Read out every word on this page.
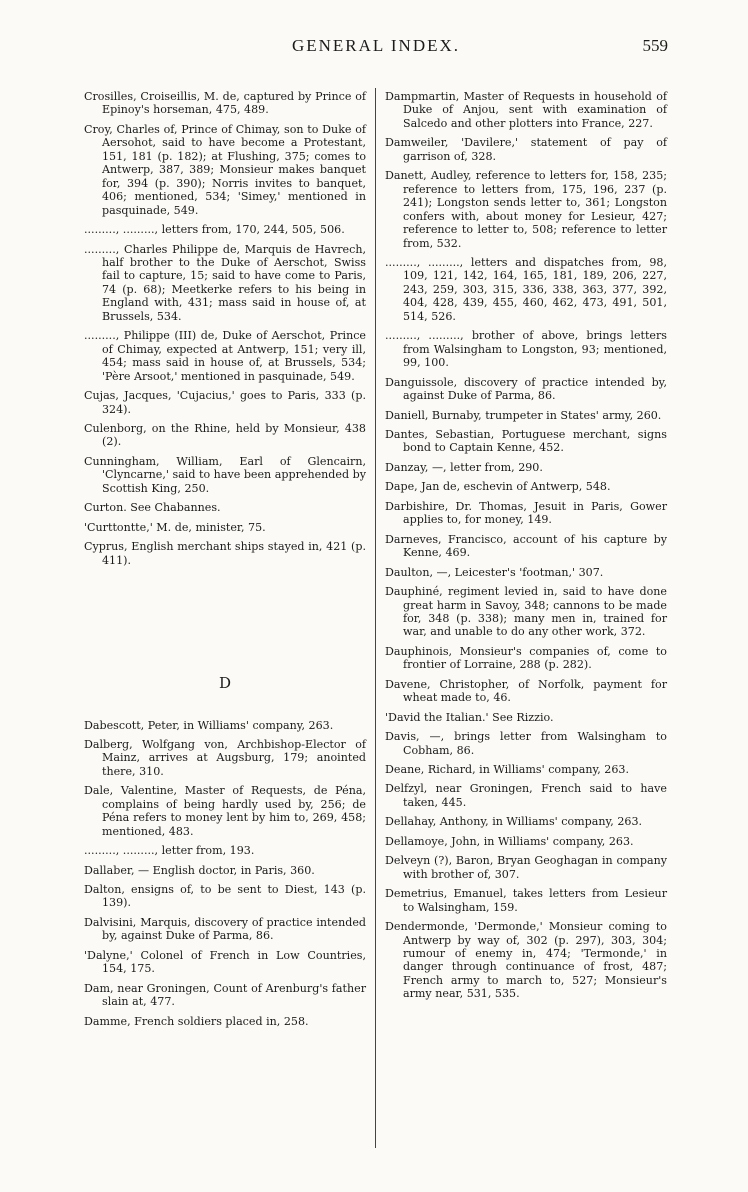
GENERAL INDEX.	559
Crosilles, Croiseillis, M. de, captured by Prince of Epinoy's horseman, 475, 489.
Croy, Charles of, Prince of Chimay, son to Duke of Aersohot, said to have become a Protestant, 151, 181 (p. 182); at Flushing, 375; comes to Antwerp, 387, 389; Monsieur makes banquet for, 394 (p. 390); Norris invites to banquet, 406; mentioned, 534; 'Simey,' mentioned in pasquinade, 549.
........., ........., letters from, 170, 244, 505, 506.
........., Charles Philippe de, Marquis de Havrech, half brother to the Duke of Aerschot, Swiss fail to capture, 15; said to have come to Paris, 74 (p. 68); Meetkerke refers to his being in England with, 431; mass said in house of, at Brussels, 534.
........., Philippe (III) de, Duke of Aerschot, Prince of Chimay, expected at Antwerp, 151; very ill, 454; mass said in house of, at Brussels, 534; 'Père Arsoot,' mentioned in pasquinade, 549.
Cujas, Jacques, 'Cujacius,' goes to Paris, 333 (p. 324).
Culenborg, on the Rhine, held by Monsieur, 438 (2).
Cunningham, William, Earl of Glencairn, 'Clyncarne,' said to have been apprehended by Scottish King, 250.
Curton. See Chabannes.
'Curttontte,' M. de, minister, 75.
Cyprus, English merchant ships stayed in, 421 (p. 411).
D
Dabescott, Peter, in Williams' company, 263.
Dalberg, Wolfgang von, Archbishop-Elector of Mainz, arrives at Augsburg, 179; anointed there, 310.
Dale, Valentine, Master of Requests, de Péna, complains of being hardly used by, 256; de Péna refers to money lent by him to, 269, 458; mentioned, 483.
........., ........., letter from, 193.
Dallaber, — English doctor, in Paris, 360.
Dalton, ensigns of, to be sent to Diest, 143 (p. 139).
Dalvisini, Marquis, discovery of practice intended by, against Duke of Parma, 86.
'Dalyne,' Colonel of French in Low Countries, 154, 175.
Dam, near Groningen, Count of Arenburg's father slain at, 477.
Damme, French soldiers placed in, 258.
Dampmartin, Master of Requests in household of Duke of Anjou, sent with examination of Salcedo and other plotters into France, 227.
Damweiler, 'Davilere,' statement of pay of garrison of, 328.
Danett, Audley, reference to letters for, 158, 235; reference to letters from, 175, 196, 237 (p. 241); Longston sends letter to, 361; Longston confers with, about money for Lesieur, 427; reference to letter to, 508; reference to letter from, 532.
........., ........., letters and dispatches from, 98, 109, 121, 142, 164, 165, 181, 189, 206, 227, 243, 259, 303, 315, 336, 338, 363, 377, 392, 404, 428, 439, 455, 460, 462, 473, 491, 501, 514, 526.
........., ........., brother of above, brings letters from Walsingham to Longston, 93; mentioned, 99, 100.
Danguissole, discovery of practice intended by, against Duke of Parma, 86.
Daniell, Burnaby, trumpeter in States' army, 260.
Dantes, Sebastian, Portuguese merchant, signs bond to Captain Kenne, 452.
Danzay, —, letter from, 290.
Dape, Jan de, eschevin of Antwerp, 548.
Darbishire, Dr. Thomas, Jesuit in Paris, Gower applies to, for money, 149.
Darneves, Francisco, account of his capture by Kenne, 469.
Daulton, —, Leicester's 'footman,' 307.
Dauphiné, regiment levied in, said to have done great harm in Savoy, 348; cannons to be made for, 348 (p. 338); many men in, trained for war, and unable to do any other work, 372.
Dauphinois, Monsieur's companies of, come to frontier of Lorraine, 288 (p. 282).
Davene, Christopher, of Norfolk, payment for wheat made to, 46.
'David the Italian.' See Rizzio.
Davis, —, brings letter from Walsingham to Cobham, 86.
Deane, Richard, in Williams' company, 263.
Delfzyl, near Groningen, French said to have taken, 445.
Dellahay, Anthony, in Williams' company, 263.
Dellamoye, John, in Williams' company, 263.
Delveyn (?), Baron, Bryan Geoghagan in company with brother of, 307.
Demetrius, Emanuel, takes letters from Lesieur to Walsingham, 159.
Dendermonde, 'Dermonde,' Monsieur coming to Antwerp by way of, 302 (p. 297), 303, 304; rumour of enemy in, 474; 'Termonde,' in danger through continuance of frost, 487; French army to march to, 527; Monsieur's army near, 531, 535.
